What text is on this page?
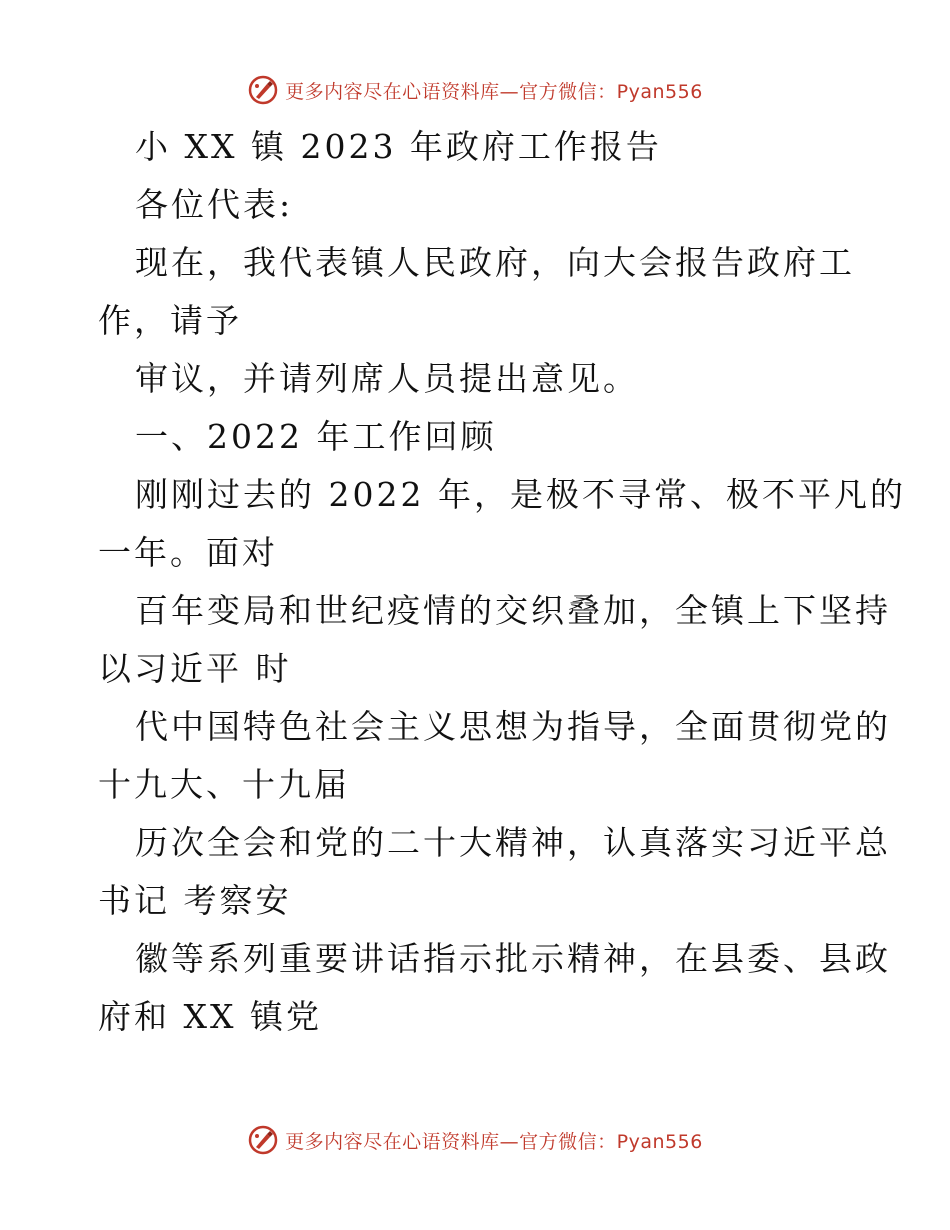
更多内容尽在心语资料库—官方微信：Pyan556
小 XX 镇 2023 年政府工作报告
各位代表:
现在，我代表镇人民政府，向大会报告政府工
作，请予
审议，并请列席人员提出意见。
一、2022 年工作回顾
刚刚过去的 2022 年，是极不寻常、极不平凡的
一年。面对
百年变局和世纪疫情的交织叠加，全镇上下坚持
以习近平 时
代中国特色社会主义思想为指导，全面贯彻党的
十九大、十九届
历次全会和党的二十大精神，认真落实习近平总
书记 考察安
徽等系列重要讲话指示批示精神，在县委、县政
府和 XX 镇党
更多内容尽在心语资料库—官方微信：Pyan556
